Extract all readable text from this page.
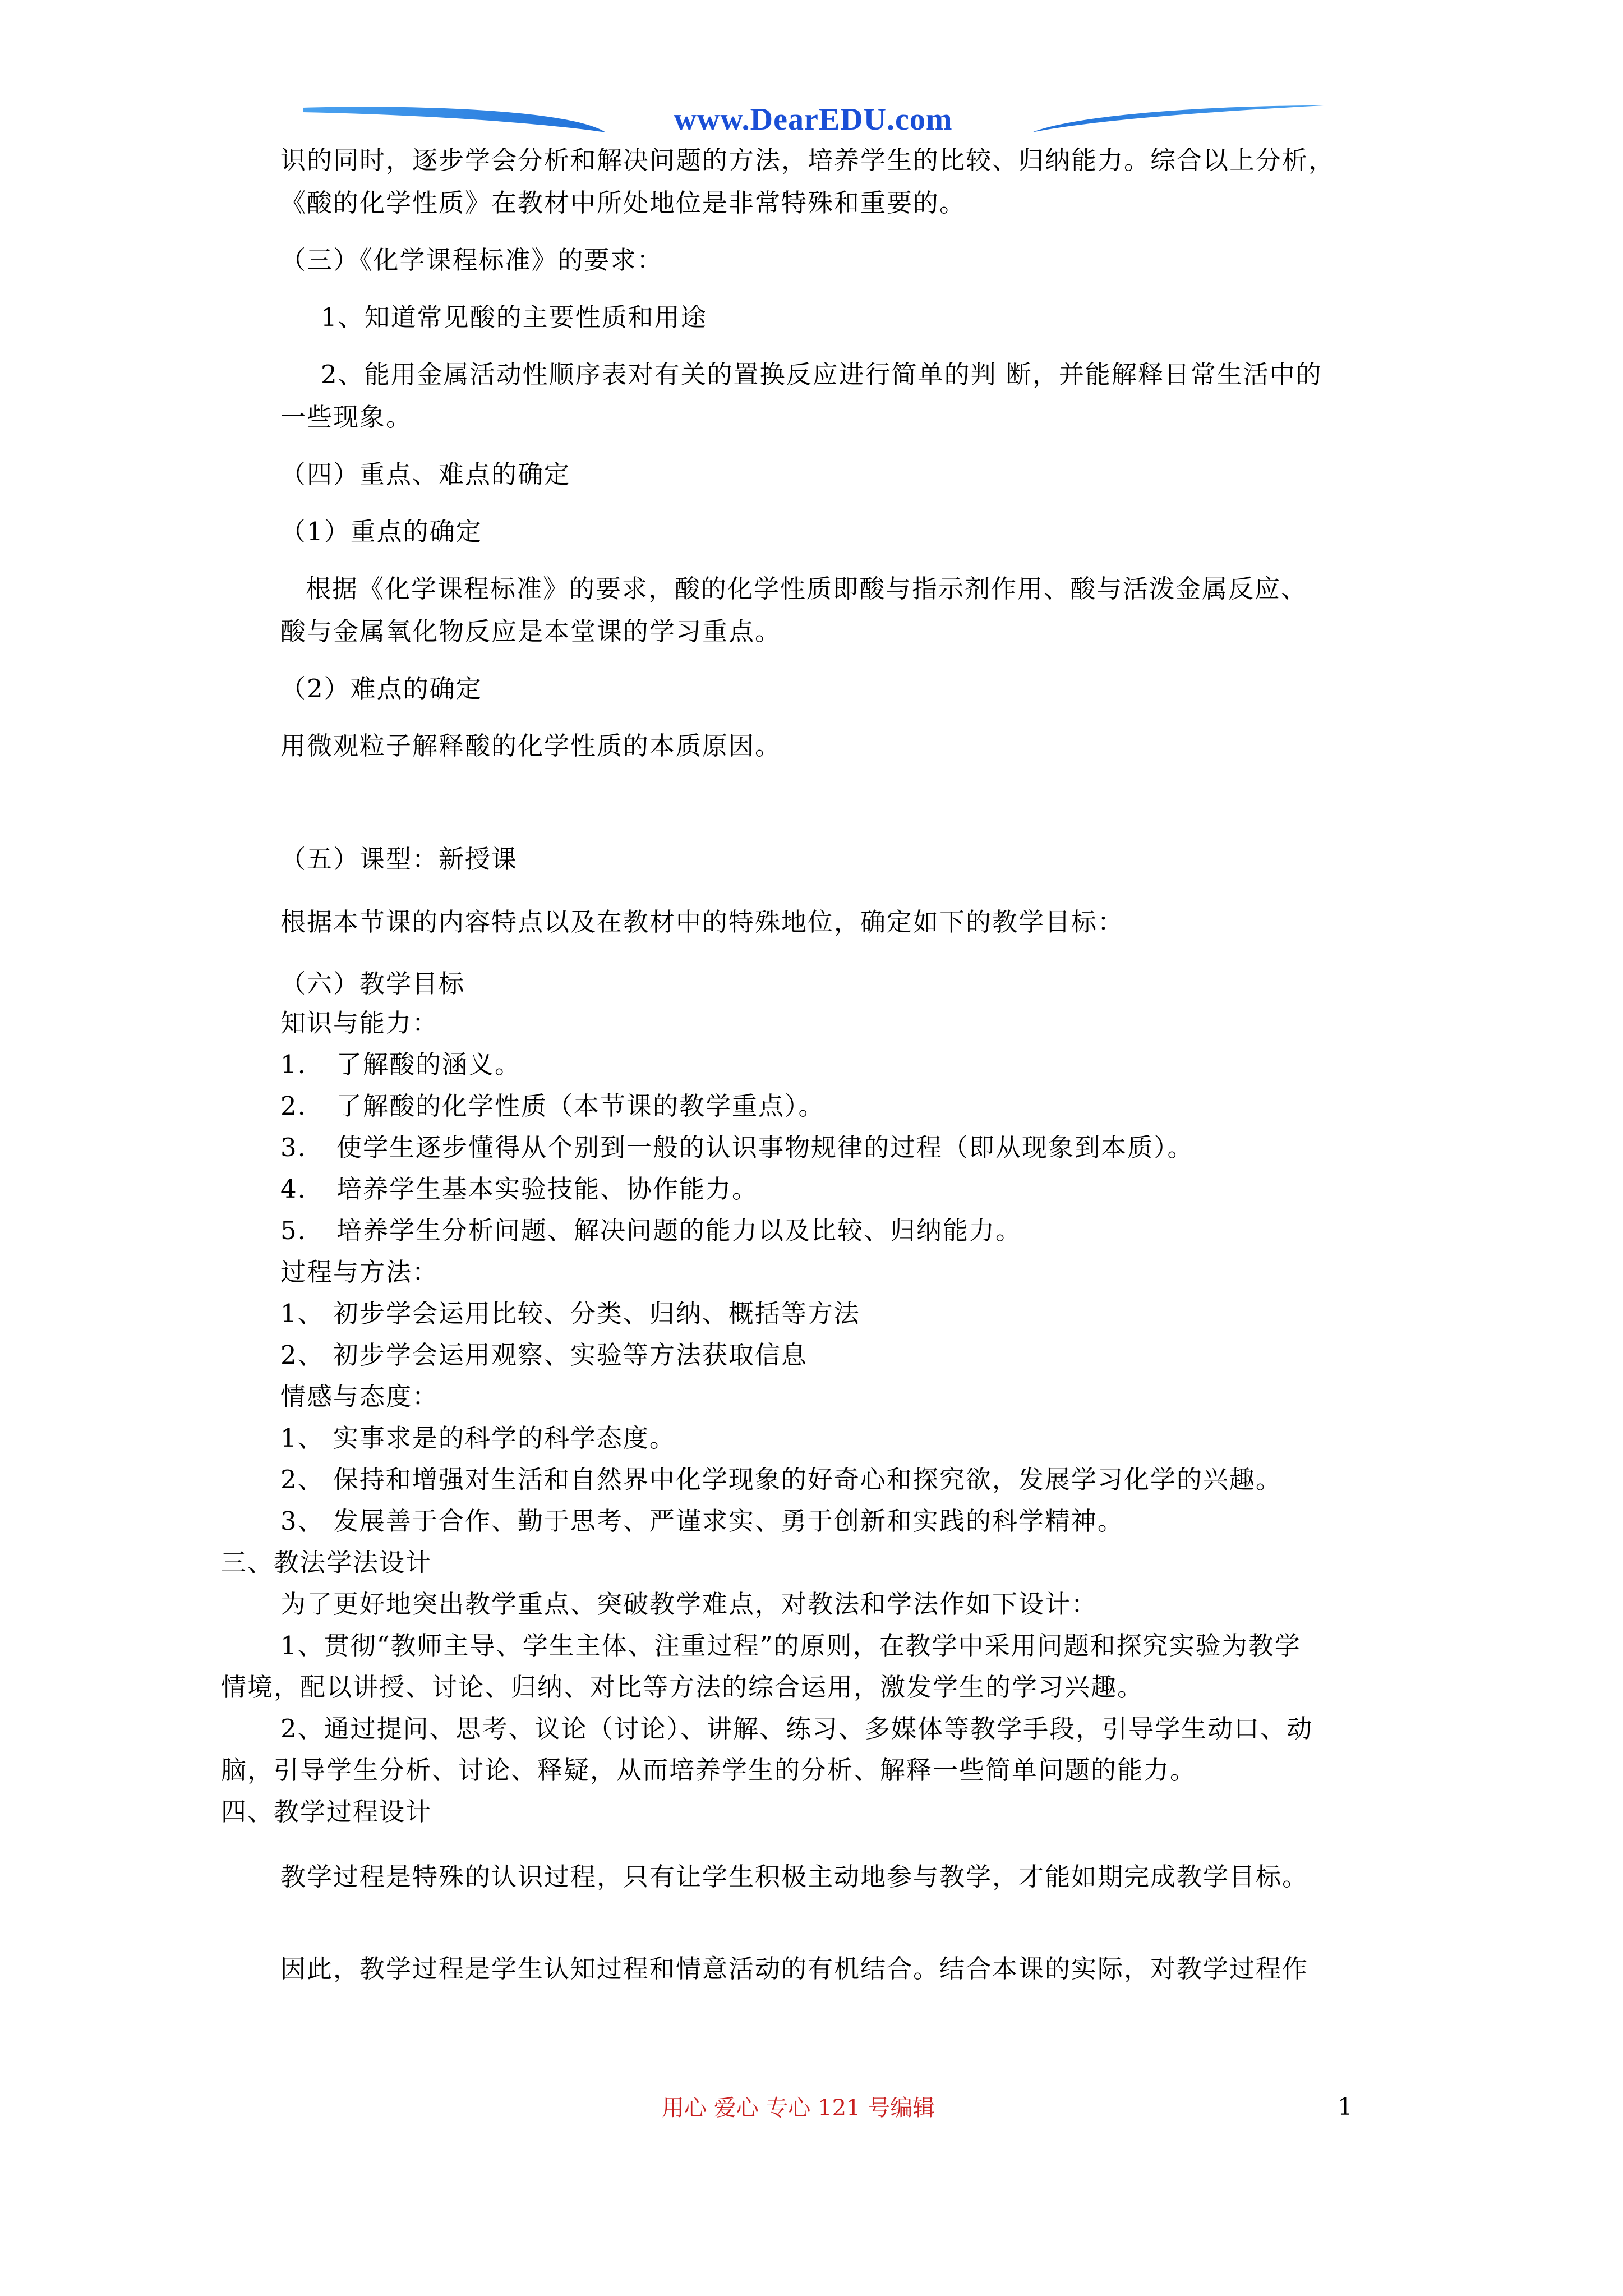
www.DearEDU.com
识的同时，逐步学会分析和解决问题的方法，培养学生的比较、归纳能力。综合以上分析，
《酸的化学性质》在教材中所处地位是非常特殊和重要的。
（三）《化学课程标准》的要求：
1、知道常见酸的主要性质和用途
2、能用金属活动性顺序表对有关的置换反应进行简单的判 断，并能解释日常生活中的
一些现象。
（四）重点、难点的确定
（1）重点的确定
根据《化学课程标准》的要求，酸的化学性质即酸与指示剂作用、酸与活泼金属反应、
酸与金属氧化物反应是本堂课的学习重点。
（2）难点的确定
用微观粒子解释酸的化学性质的本质原因。
（五）课型：新授课
根据本节课的内容特点以及在教材中的特殊地位，确定如下的教学目标：
（六）教学目标
知识与能力：
1. 了解酸的涵义。
2. 了解酸的化学性质（本节课的教学重点）。
3. 使学生逐步懂得从个别到一般的认识事物规律的过程（即从现象到本质）。
4. 培养学生基本实验技能、协作能力。
5. 培养学生分析问题、解决问题的能力以及比较、归纳能力。
过程与方法：
1、 初步学会运用比较、分类、归纳、概括等方法
2、 初步学会运用观察、实验等方法获取信息
情感与态度：
1、 实事求是的科学的科学态度。
2、 保持和增强对生活和自然界中化学现象的好奇心和探究欲，发展学习化学的兴趣。
3、 发展善于合作、勤于思考、严谨求实、勇于创新和实践的科学精神。
三、教法学法设计
为了更好地突出教学重点、突破教学难点，对教法和学法作如下设计：
1、贯彻“教师主导、学生主体、注重过程”的原则，在教学中采用问题和探究实验为教学
情境，配以讲授、讨论、归纳、对比等方法的综合运用，激发学生的学习兴趣。
2、通过提问、思考、议论（讨论）、讲解、练习、多媒体等教学手段，引导学生动口、动
脑，引导学生分析、讨论、释疑，从而培养学生的分析、解释一些简单问题的能力。
四、教学过程设计
教学过程是特殊的认识过程，只有让学生积极主动地参与教学，才能如期完成教学目标。
因此，教学过程是学生认知过程和情意活动的有机结合。结合本课的实际，对教学过程作
用心 爱心 专心 121 号编辑	1
